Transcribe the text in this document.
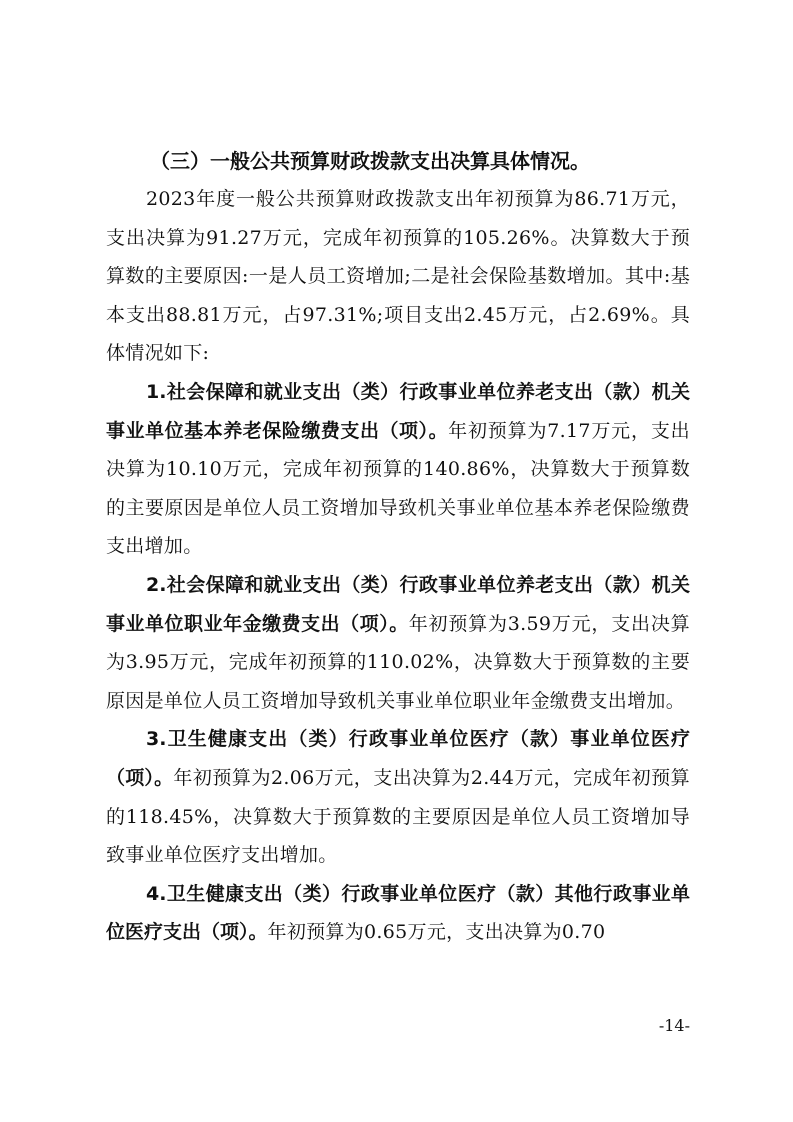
（三）一般公共预算财政拨款支出决算具体情况。

2023年度一般公共预算财政拨款支出年初预算为86.71万元，支出决算为91.27万元，完成年初预算的105.26%。决算数大于预算数的主要原因:一是人员工资增加;二是社会保险基数增加。其中:基本支出88.81万元，占97.31%;项目支出2.45万元，占2.69%。具体情况如下:

1.社会保障和就业支出（类）行政事业单位养老支出（款）机关事业单位基本养老保险缴费支出（项）。年初预算为7.17万元，支出决算为10.10万元，完成年初预算的140.86%，决算数大于预算数的主要原因是单位人员工资增加导致机关事业单位基本养老保险缴费支出增加。

2.社会保障和就业支出（类）行政事业单位养老支出（款）机关事业单位职业年金缴费支出（项）。年初预算为3.59万元，支出决算为3.95万元，完成年初预算的110.02%，决算数大于预算数的主要原因是单位人员工资增加导致机关事业单位职业年金缴费支出增加。

3.卫生健康支出（类）行政事业单位医疗（款）事业单位医疗（项）。年初预算为2.06万元，支出决算为2.44万元，完成年初预算的118.45%，决算数大于预算数的主要原因是单位人员工资增加导致事业单位医疗支出增加。

4.卫生健康支出（类）行政事业单位医疗（款）其他行政事业单位医疗支出（项）。年初预算为0.65万元，支出决算为0.70

-14-
